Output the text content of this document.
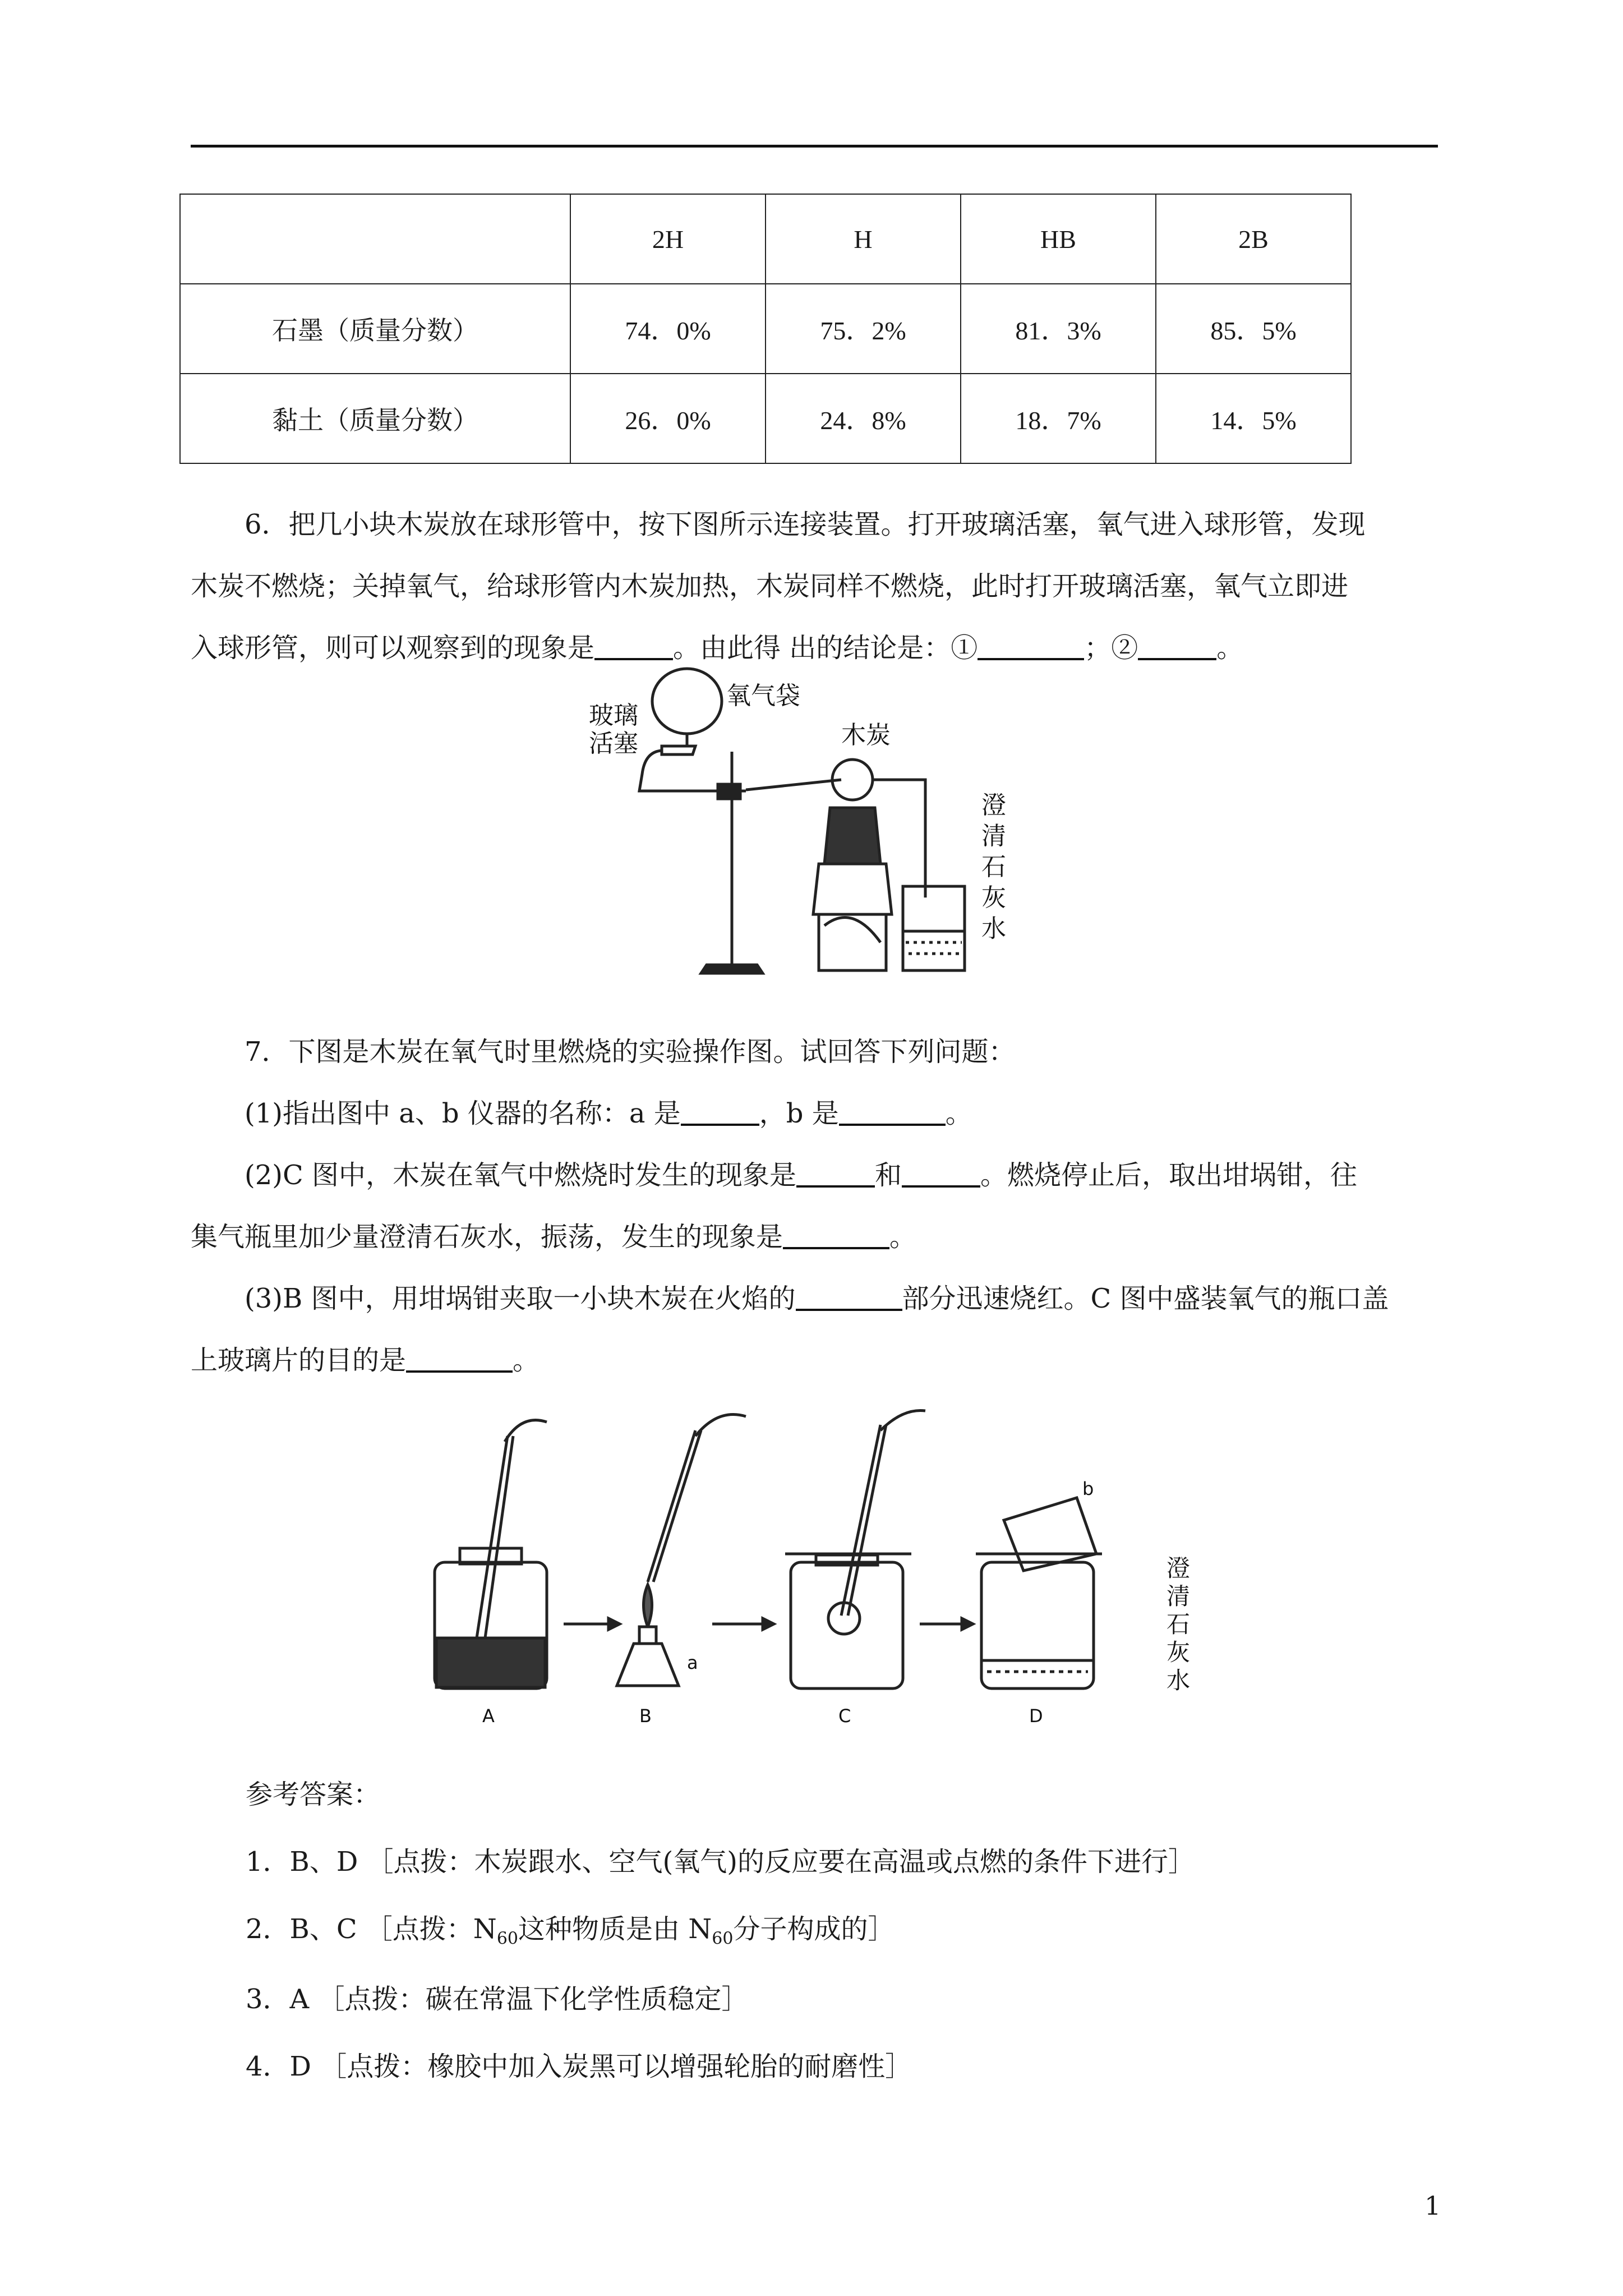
	2H	H	HB	2B
石墨（质量分数）	74．0%	75．2%	81．3%	85．5%
黏土（质量分数）	26．0%	24．8%	18．7%	14．5%

6．把几小块木炭放在球形管中，按下图所示连接装置。打开玻璃活塞，氧气进入球形管，发现

木炭不燃烧；关掉氧气，给球形管内木炭加热，木炭同样不燃烧，此时打开玻璃活塞，氧气立即进

入球形管，则可以观察到的现象是	。由此得 出的结论是：①	；②	。

氧气袋
玻璃
活塞	木炭
澄
清
石
灰
水

7．下图是木炭在氧气时里燃烧的实验操作图。试回答下列问题：

(1)指出图中 a、b 仪器的名称：a 是	，b 是	。

(2)C 图中，木炭在氧气中燃烧时发生的现象是	和	。燃烧停止后，取出坩埚钳，往

集气瓶里加少量澄清石灰水，振荡，发生的现象是	。

(3)B 图中，用坩埚钳夹取一小块木炭在火焰的	部分迅速烧红。C 图中盛装氧气的瓶口盖

上玻璃片的目的是	。

A	B	C	D
a
b
澄
清
石
灰
水
参考答案：
1．B、D ［点拨：木炭跟水、空气(氧气)的反应要在高温或点燃的条件下进行］
2．B、C ［点拨：$N_{60}$这种物质是由 $N_{60}$分子构成的］
3．A ［点拨：碳在常温下化学性质稳定］
4．D ［点拨：橡胶中加入炭黑可以增强轮胎的耐磨性］
1
